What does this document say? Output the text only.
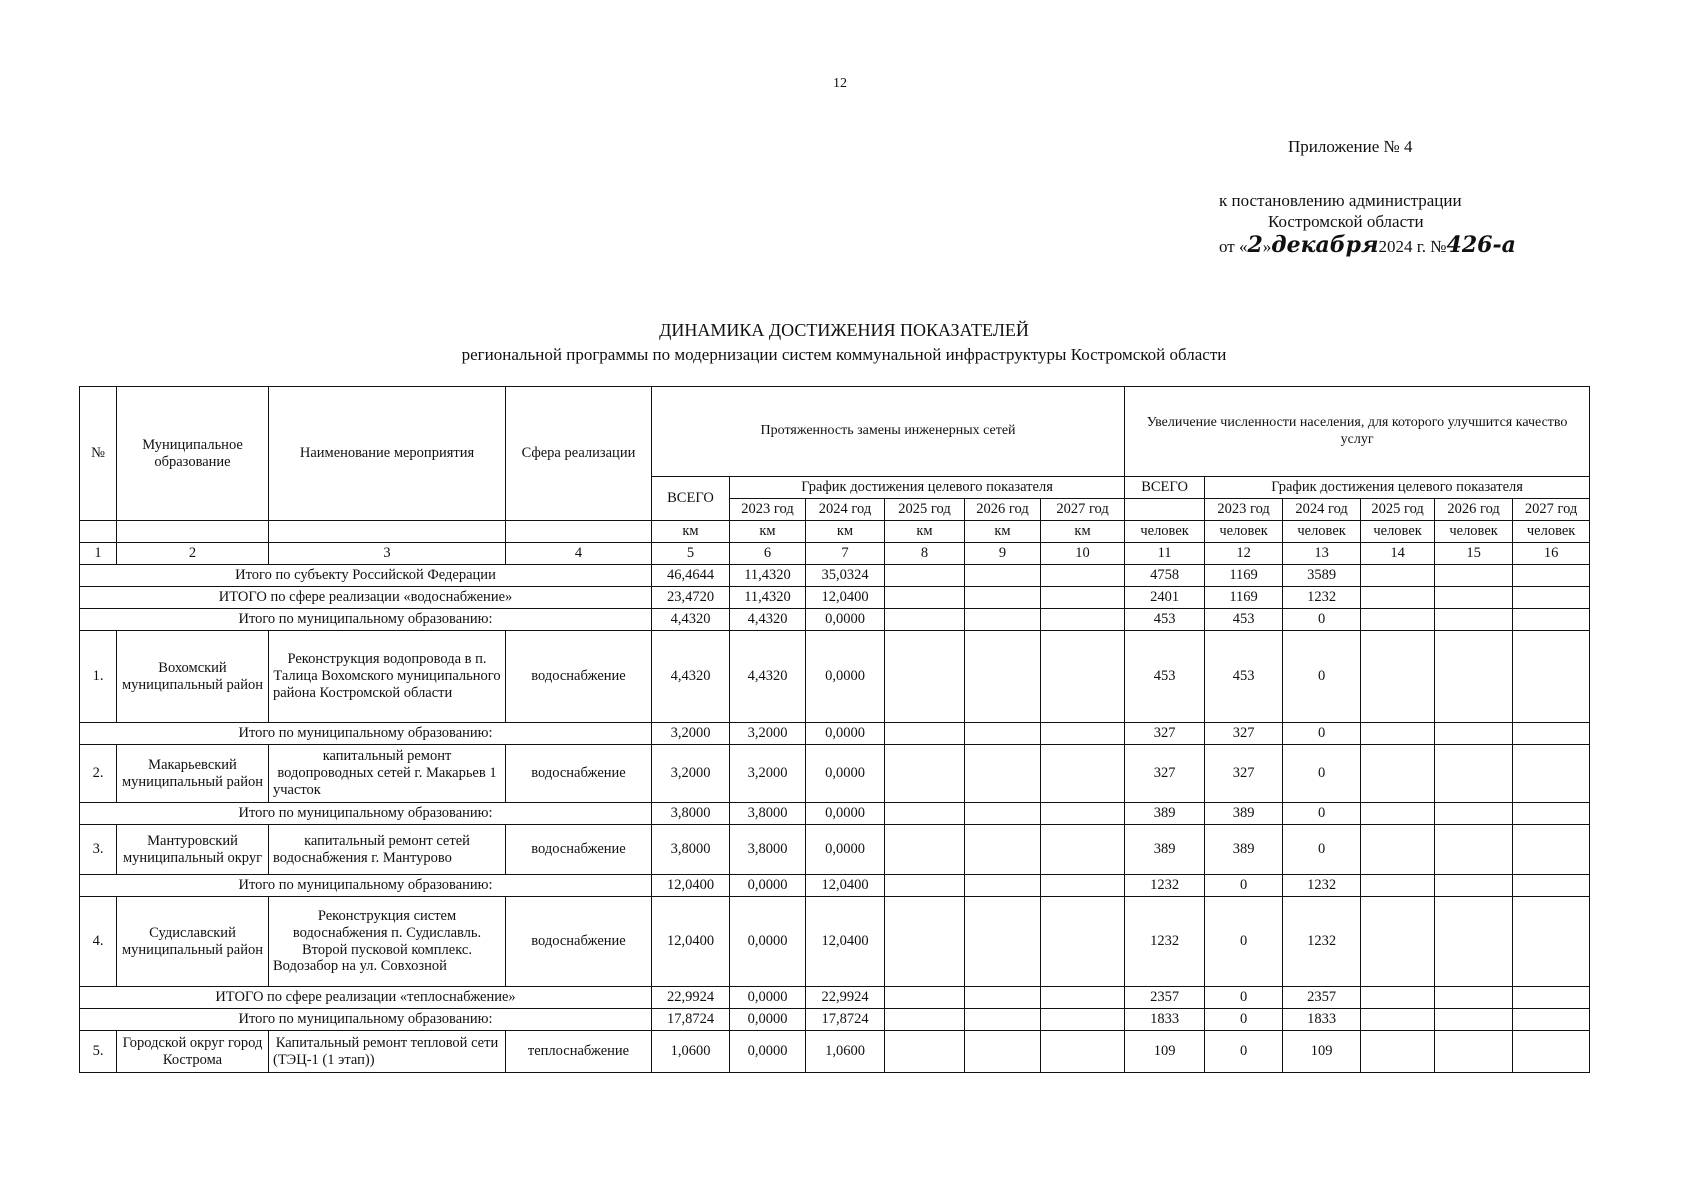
12
Приложение № 4
к постановлению администрации
Костромской области
от «2»декабря2024 г. №426-а
ДИНАМИКА ДОСТИЖЕНИЯ ПОКАЗАТЕЛЕЙ
региональной программы по модернизации систем коммунальной инфраструктуры Костромской области
№	Муниципальное образование	Наименование мероприятия	Сфера реализации	Протяженность замены инженерных сетей						Увеличение численности населения, для которого улучшится качество услуг					
				ВСЕГО	График достижения целевого показателя					ВСЕГО	График достижения целевого показателя				
					2023 год	2024 год	2025 год	2026 год	2027 год		2023 год	2024 год	2025 год	2026 год	2027 год
				км	км	км	км	км	км	человек	человек	человек	человек	человек	человек
1	2	3	4	5	6	7	8	9	10	11	12	13	14	15	16
Итого по субъекту Российской Федерации				46,4644	11,4320	35,0324				4758	1169	3589			
ИТОГО по сфере реализации «водоснабжение»				23,4720	11,4320	12,0400				2401	1169	1232			
Итого по муниципальному образованию:				4,4320	4,4320	0,0000				453	453	0			
1.	Вохомский муниципальный район	Реконструкция водопровода в п. Талица Вохомского муниципального района Костромской области	водоснабжение	4,4320	4,4320	0,0000				453	453	0			
Итого по муниципальному образованию:				3,2000	3,2000	0,0000				327	327	0			
2.	Макарьевский муниципальный район	капитальный ремонт водопроводных сетей г. Макарьев 1 участок	водоснабжение	3,2000	3,2000	0,0000				327	327	0			
Итого по муниципальному образованию:				3,8000	3,8000	0,0000				389	389	0			
3.	Мантуровский муниципальный округ	капитальный ремонт сетей водоснабжения г. Мантурово	водоснабжение	3,8000	3,8000	0,0000				389	389	0			
Итого по муниципальному образованию:				12,0400	0,0000	12,0400				1232	0	1232			
4.	Судиславский муниципальный район	Реконструкция систем водоснабжения п. Судиславль. Второй пусковой комплекс. Водозабор на ул. Совхозной	водоснабжение	12,0400	0,0000	12,0400				1232	0	1232			
ИТОГО по сфере реализации «теплоснабжение»				22,9924	0,0000	22,9924				2357	0	2357			
Итого по муниципальному образованию:				17,8724	0,0000	17,8724				1833	0	1833			
5.	Городской округ город Кострома	Капитальный ремонт тепловой сети (ТЭЦ-1 (1 этап))	теплоснабжение	1,0600	0,0000	1,0600				109	0	109			
